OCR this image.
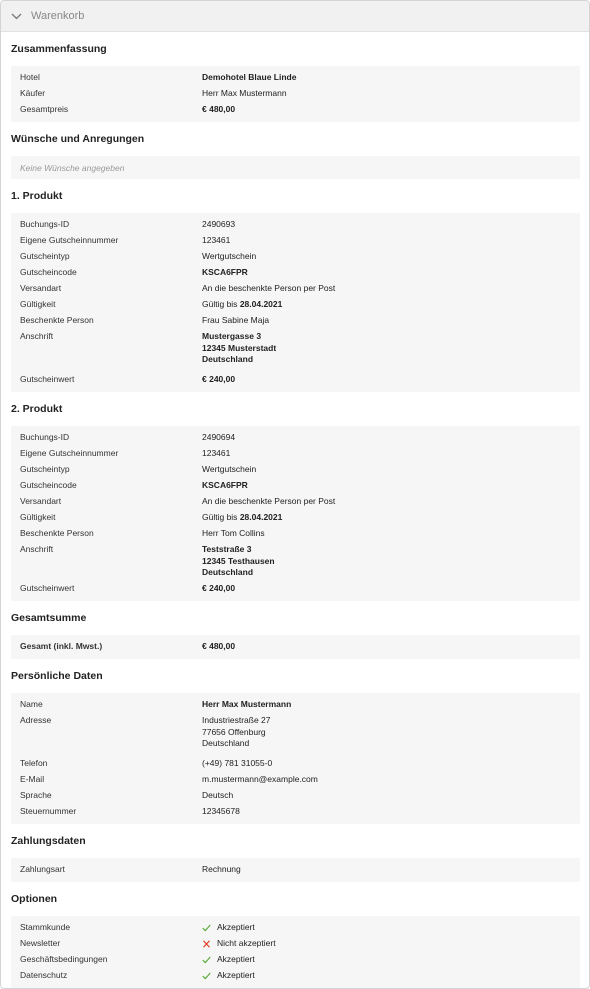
Warenkorb
Zusammenfassung
Hotel	Demohotel Blaue Linde
Käufer	Herr Max Mustermann
Gesamtpreis	€ 480,00
Wünsche und Anregungen
Keine Wünsche angegeben
1. Produkt
Buchungs-ID	2490693
Eigene Gutscheinnummer	123461
Gutscheintyp	Wertgutschein
Gutscheincode	KSCA6FPR
Versandart	An die beschenkte Person per Post
Gültigkeit	Gültig bis 28.04.2021
Beschenkte Person	Frau Sabine Maja
Anschrift	Mustergasse 3
12345 Musterstadt
Deutschland
Gutscheinwert	€ 240,00
2. Produkt
Buchungs-ID	2490694
Eigene Gutscheinnummer	123461
Gutscheintyp	Wertgutschein
Gutscheincode	KSCA6FPR
Versandart	An die beschenkte Person per Post
Gültigkeit	Gültig bis 28.04.2021
Beschenkte Person	Herr Tom Collins
Anschrift	Teststraße 3
12345 Testhausen
Deutschland
Gutscheinwert	€ 240,00
Gesamtsumme
Gesamt (inkl. Mwst.)	€ 480,00
Persönliche Daten
Name	Herr Max Mustermann
Adresse	Industriestraße 27
77656 Offenburg
Deutschland
Telefon	(+49) 781 31055-0
E-Mail	m.mustermann@example.com
Sprache	Deutsch
Steuernummer	12345678
Zahlungsdaten
Zahlungsart	Rechnung
Optionen
Stammkunde	Akzeptiert
Newsletter	Nicht akzeptiert
Geschäftsbedingungen	Akzeptiert
Datenschutz	Akzeptiert
